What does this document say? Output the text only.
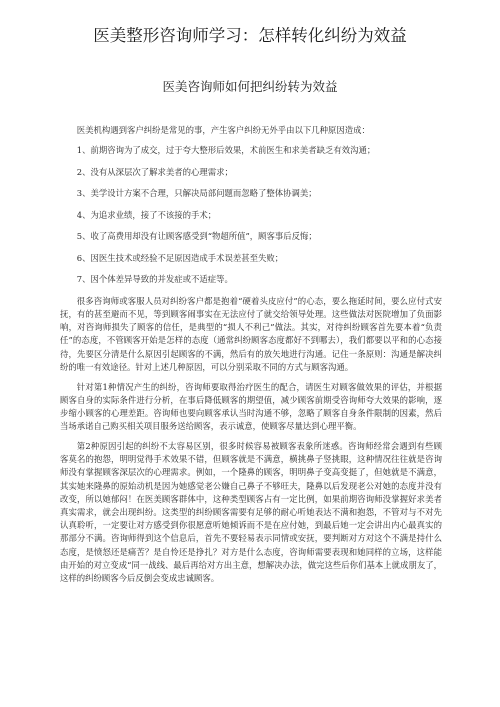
医美整形咨询师学习：怎样转化纠纷为效益
医美咨询师如何把纠纷转为效益

医美机构遇到客户纠纷是常见的事，产生客户纠纷无外乎由以下几种原因造成：

1、前期咨询为了成交，过于夸大整形后效果，术前医生和求美者缺乏有效沟通；

2、没有从深层次了解求美者的心理需求；

3、美学设计方案不合理，只解决局部问题而忽略了整体协调美；

4、为追求业绩，接了不该接的手术；

5、收了高费用却没有让顾客感受到“物超所值”，顾客事后反悔；

6、因医生技术或经验不足原因造成手术误差甚至失败；

7、因个体差异导致的并发症或不适症等。

很多咨询师或客服人员对纠纷客户都是抱着“硬着头皮应付”的心态，要么拖延时间，要么应付式安抚，有的甚至避而不见，等到顾客闹事实在无法应付了就交给领导处理。这些做法对医院增加了负面影响，对咨询师损失了顾客的信任，是典型的“损人不利己”做法。其实，对待纠纷顾客首先要本着“负责任”的态度，不管顾客开始是怎样的态度（通常纠纷顾客态度都好不到哪去），我们都要以平和的心态接待，先要区分清是什么原因引起顾客的不满，然后有的放矢地进行沟通。记住一条原则：沟通是解决纠纷的唯一有效途径。针对上述几种原因，可以分别采取不同的方式与顾客沟通。

针对第1种情况产生的纠纷，咨询师要取得治疗医生的配合，请医生对顾客做效果的评估，并根据顾客自身的实际条件进行分析，在事后降低顾客的期望值，减少顾客前期受咨询师夸大效果的影响，逐步缩小顾客的心理差距。咨询师也要向顾客承认当时沟通不够，忽略了顾客自身条件限制的因素，然后当场承诺自己购买相关项目服务送给顾客，表示诚意，使顾客尽量达到心理平衡。

第2种原因引起的纠纷不太容易区别，很多时候容易被顾客表象所迷惑。咨询师经常会遇到有些顾客莫名的抱怨，明明觉得手术效果不错，但顾客就是不满意，横挑鼻子竖挑眼，这种情况往往就是咨询师没有掌握顾客深层次的心理需求。例如，一个隆鼻的顾客，明明鼻子变高变挺了，但她就是不满意，其实她来隆鼻的原始动机是因为她感觉老公嫌自己鼻子不够旺夫，隆鼻以后发现老公对她的态度并没有改变，所以她郁闷！在医美顾客群体中，这种类型顾客占有一定比例，如果前期咨询师没掌握好求美者真实需求，就会出现纠纷。这类型的纠纷顾客需要有足够的耐心听她表达不满和抱怨，不管对与不对先认真聆听，一定要让对方感受到你很愿意听她倾诉而不是在应付她，到最后她一定会讲出内心最真实的那部分不满。咨询师得到这个信息后，首先不要轻易表示同情或安抚，要判断对方对这个不满是持什么态度，是愤怒还是痛苦？是自怜还是挣扎？对方是什么态度，咨询师需要表现和她同样的立场，这样能由开始的对立变成“同一战线、最后再给对方出主意，想解决办法，做完这些后你们基本上就成朋友了，这样的纠纷顾客今后反倒会变成忠诚顾客。
